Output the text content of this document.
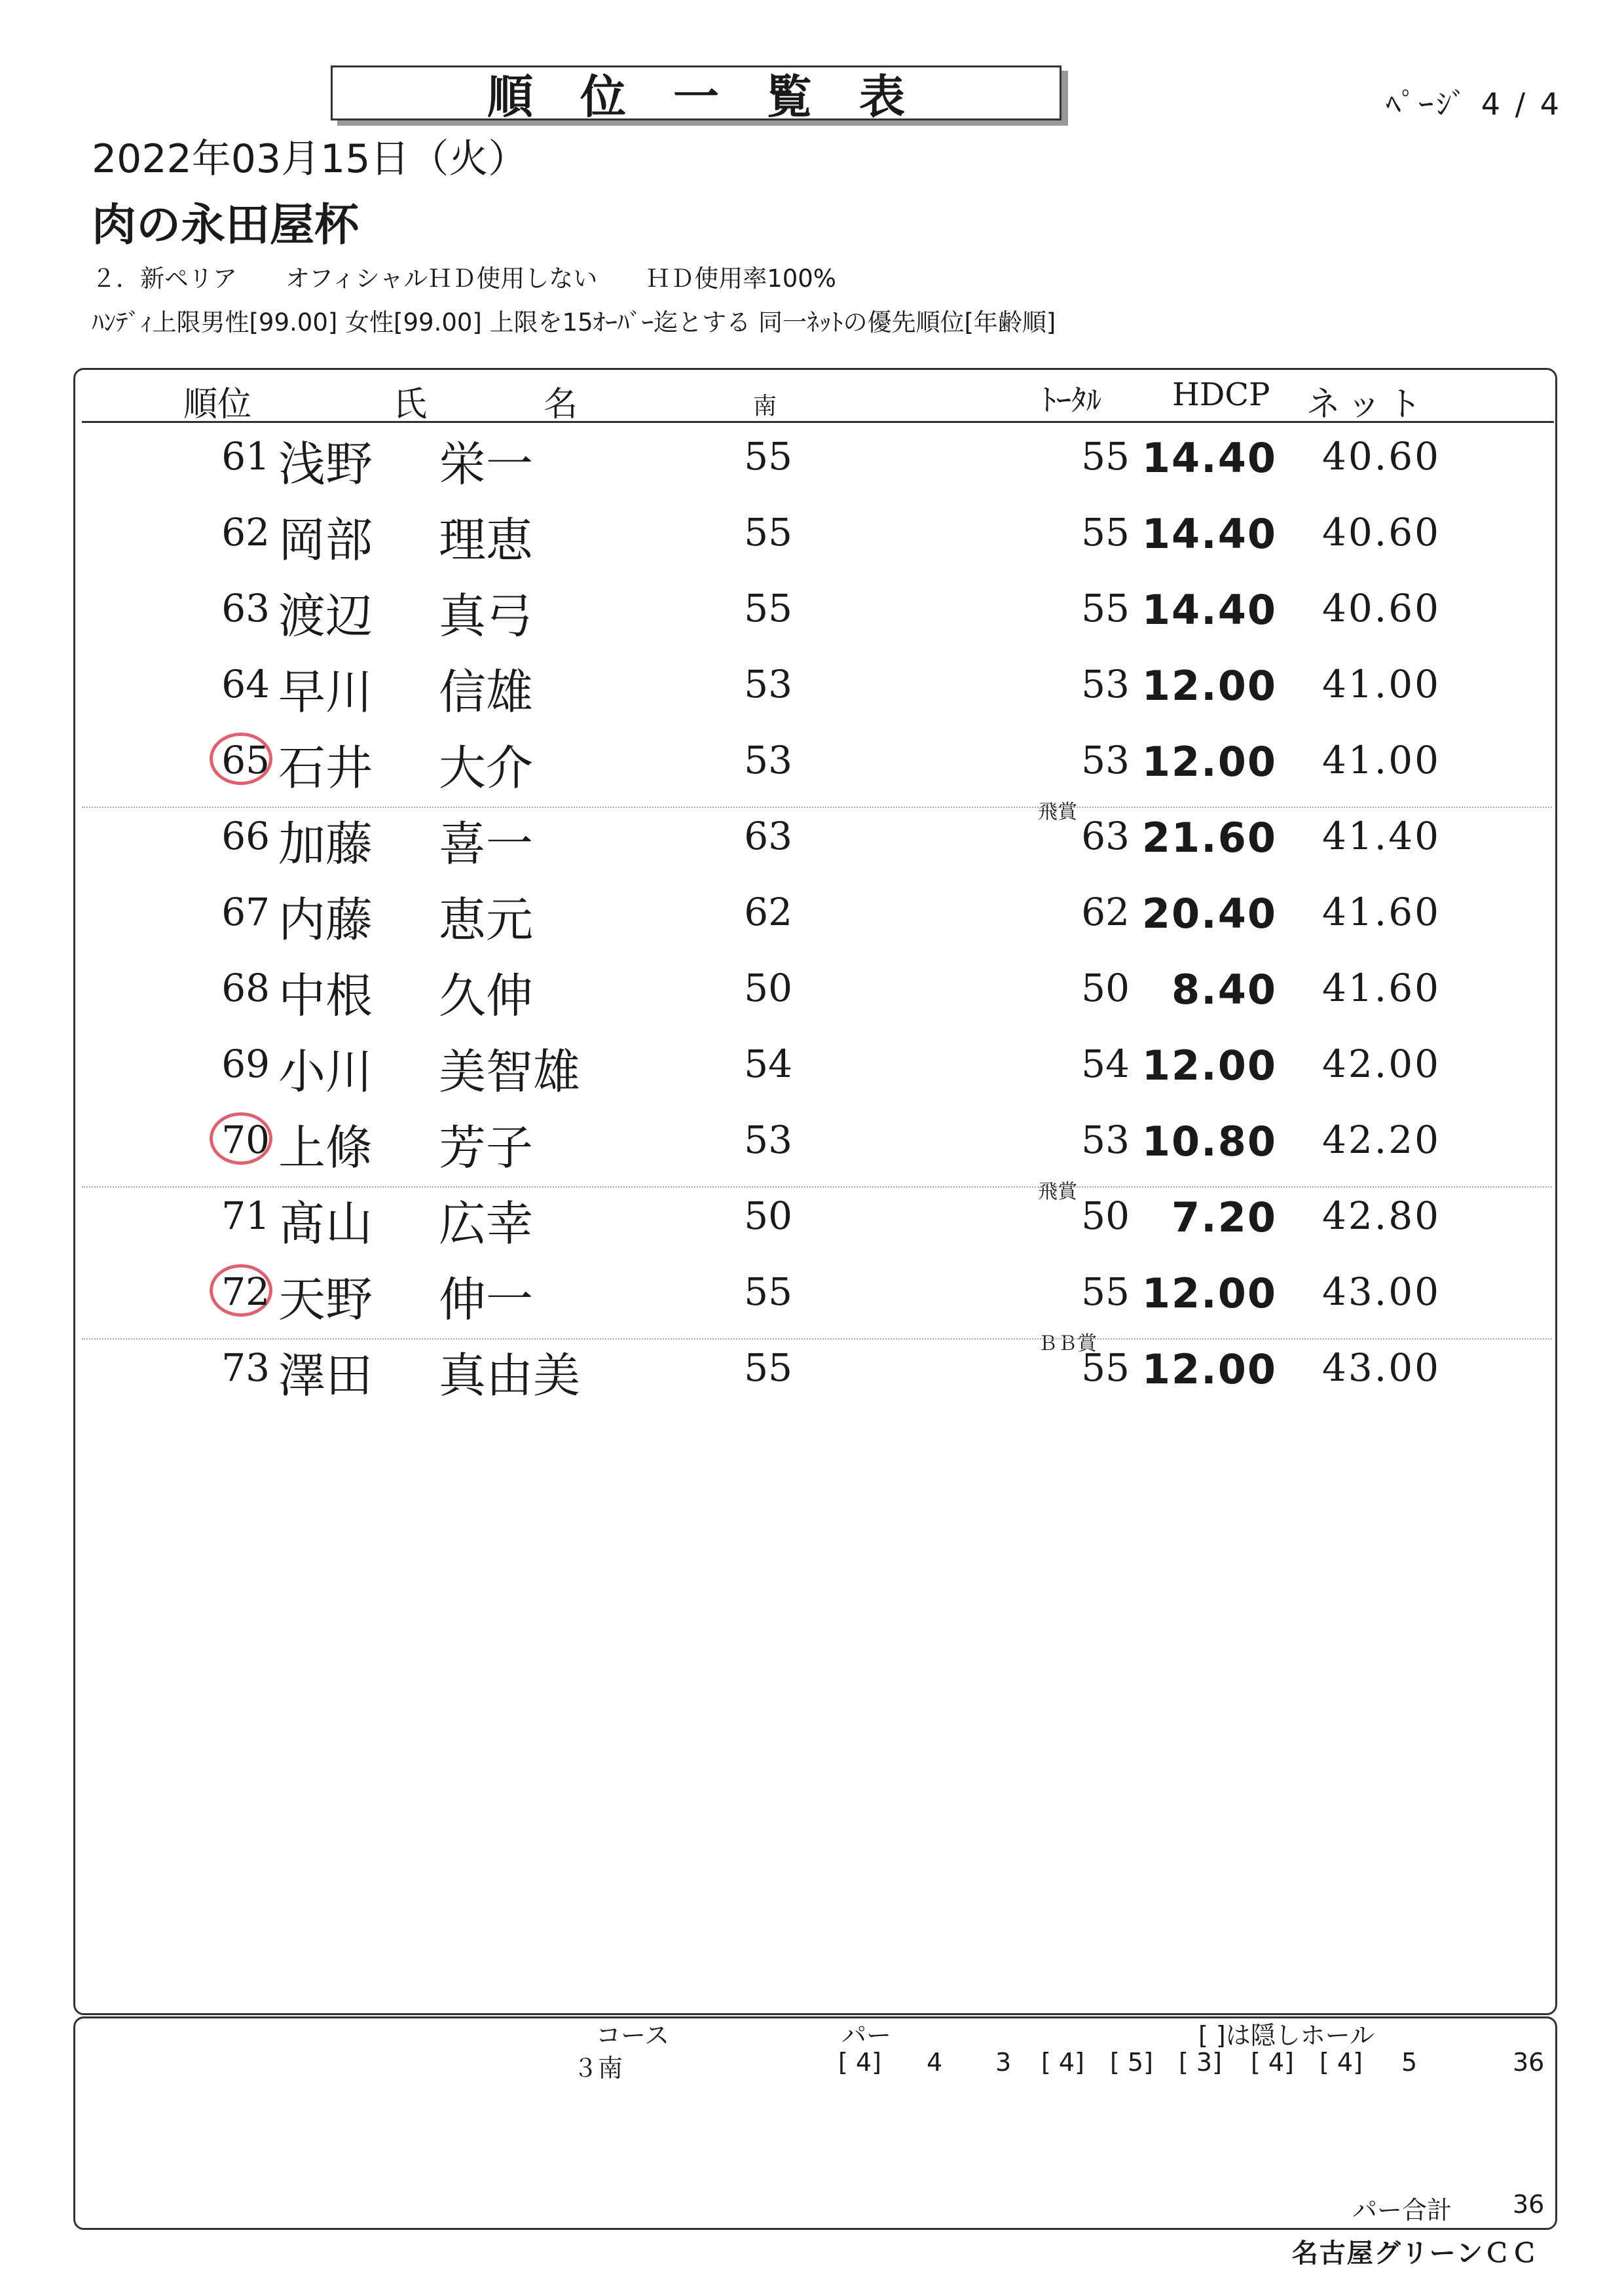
順位一覧表	ﾍﾟｰｼﾞ 4 / 4
2022年03月15日（火）
肉の永田屋杯
２．新ペリア　　オフィシャルＨＤ使用しない　　ＨＤ使用率100%
ﾊﾝﾃﾞｨ上限男性[99.00] 女性[99.00] 上限を15ｵｰﾊﾞｰ迄とする 同一ﾈｯﾄの優先順位[年齢順]
順位	氏	名	南	ﾄｰﾀﾙ HDCP ネット
61 浅野 栄一	55	55 14.40	40.60
62 岡部 理恵	55	55 14.40	40.60
63 渡辺 真弓	55	55 14.40	40.60
64 早川 信雄	53	53 12.00	41.00
65 石井 大介	53	53 12.00	41.00
飛賞
66 加藤 喜一	63	63 21.60	41.40
67 内藤 恵元	62	62 20.40	41.60
68 中根 久伸	50	50	8.40	41.60
69 小川 美智雄	54	54 12.00	42.00
70 上條 芳子	53	53 10.80	42.20
飛賞
71 髙山 広幸	50	50	7.20	42.80
72 天野 伸一	55	55 12.00	43.00
ＢＢ賞
73 澤田 真由美	55	55 12.00	43.00
コース	パー	[ ]は隠しホール
３南	[ 4] 4 3 [ 4] [ 5] [ 3] [ 4] [ 4] 5	36
パー合計 36
名古屋グリーンＣＣ
